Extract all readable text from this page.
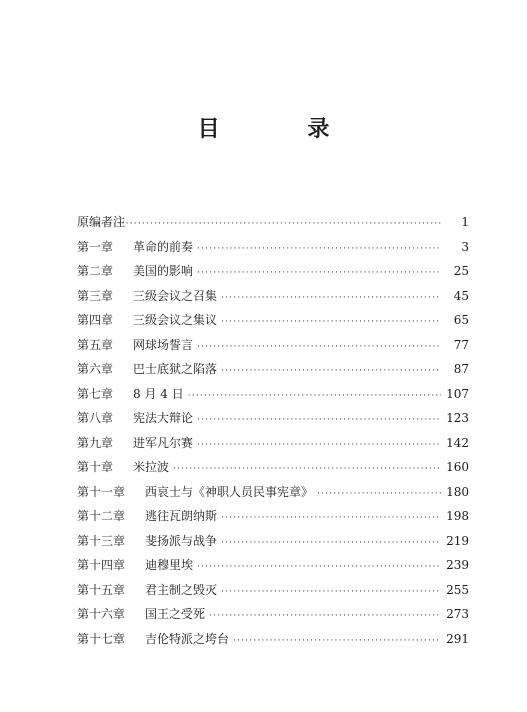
目 录
原编者注 ·····	1
第一章	革命的前奏 ·····	3
第二章	美国的影响 ·····	25
第三章	三级会议之召集 ·····	45
第四章	三级会议之集议 ·····	65
第五章	网球场誓言 ·····	77
第六章	巴士底狱之陷落 ·····	87
第七章	8 月 4 日 ·····	107
第八章	宪法大辩论 ·····	123
第九章	进军凡尔赛 ·····	142
第十章	米拉波 ·····	160
第十一章	西哀士与《神职人员民事宪章》 ·····	180
第十二章	逃往瓦朗纳斯 ·····	198
第十三章	斐扬派与战争 ·····	219
第十四章	迪穆里埃 ·····	239
第十五章	君主制之毁灭 ·····	255
第十六章	国王之受死 ·····	273
第十七章	吉伦特派之垮台 ·····	291
